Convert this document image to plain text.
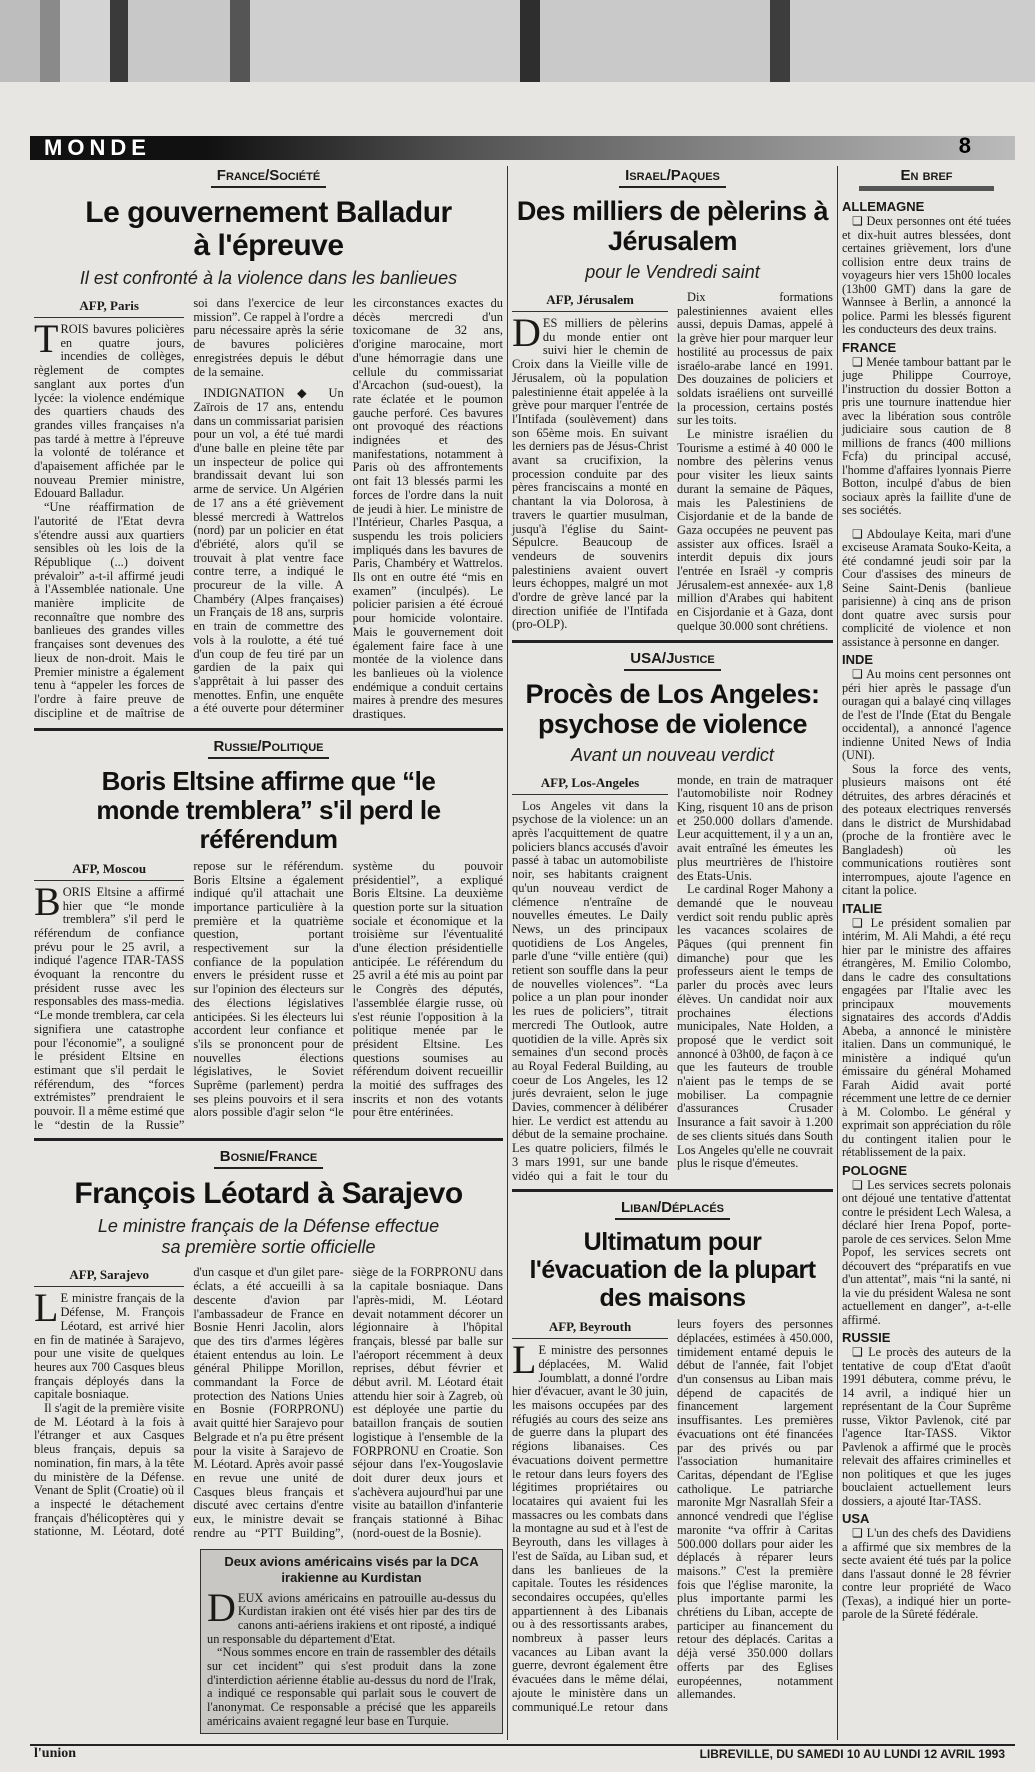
MONDE	8
France/Société
Le gouvernement Balladur à l'épreuve
Il est confronté à la violence dans les banlieues
AFP, Paris

TROIS bavures policières en quatre jours, incendies de collèges, règlement de comptes sanglant aux portes d'un lycée: la violence endémique des quartiers chauds des grandes villes françaises n'a pas tardé à mettre à l'épreuve la volonté de tolérance et d'apaisement affichée par le nouveau Premier ministre, Edouard Balladur.

“Une réaffirmation de l'autorité de l'Etat devra s'étendre aussi aux quartiers sensibles où les lois de la République (...) doivent prévaloir” a-t-il affirmé jeudi à l'Assemblée nationale. Une manière implicite de reconnaître que nombre des banlieues des grandes villes françaises sont devenues des lieux de non-droit. Mais le Premier ministre a également tenu à “appeler les forces de l'ordre à faire preuve de discipline et de maîtrise de soi dans l'exercice de leur mission”. Ce rappel à l'ordre a paru nécessaire après la série de bavures policières enregistrées depuis le début de la semaine.

INDIGNATION ◆ Un Zaïrois de 17 ans, entendu dans un commissariat parisien pour un vol, a été tué mardi d'une balle en pleine tête par un inspecteur de police qui brandissait devant lui son arme de service. Un Algérien de 17 ans a été grièvement blessé mercredi à Wattrelos (nord) par un policier en état d'ébriété, alors qu'il se trouvait à plat ventre face contre terre, a indiqué le procureur de la ville. A Chambéry (Alpes françaises) un Français de 18 ans, surpris en train de commettre des vols à la roulotte, a été tué d'un coup de feu tiré par un gardien de la paix qui s'apprêtait à lui passer des menottes. Enfin, une enquête a été ouverte pour déterminer les circonstances exactes du décès mercredi d'un toxicomane de 32 ans, d'origine marocaine, mort d'une hémorragie dans une cellule du commissariat d'Arcachon (sud-ouest), la rate éclatée et le poumon gauche perforé. Ces bavures ont provoqué des réactions indignées et des manifestations, notamment à Paris où des affrontements ont fait 13 blessés parmi les forces de l'ordre dans la nuit de jeudi à hier. Le ministre de l'Intérieur, Charles Pasqua, a suspendu les trois policiers impliqués dans les bavures de Paris, Chambéry et Wattrelos. Ils ont en outre été “mis en examen” (inculpés). Le policier parisien a été écroué pour homicide volontaire. Mais le gouvernement doit également faire face à une montée de la violence dans les banlieues où la violence endémique a conduit certains maires à prendre des mesures drastiques.

Russie/Politique
Boris Eltsine affirme que “le monde tremblera” s'il perd le référendum
AFP, Moscou

BORIS Eltsine a affirmé hier que “le monde tremblera” s'il perd le référendum de confiance prévu pour le 25 avril, a indiqué l'agence ITAR-TASS évoquant la rencontre du président russe avec les responsables des mass-media. “Le monde tremblera, car cela signifiera une catastrophe pour l'économie”, a souligné le président Eltsine en estimant que s'il perdait le référendum, des “forces extrémistes” prendraient le pouvoir. Il a même estimé que le “destin de la Russie” repose sur le référendum. Boris Eltsine a également indiqué qu'il attachait une importance particulière à la première et la quatrième question, portant respectivement sur la confiance de la population envers le président russe et sur l'opinion des électeurs sur des élections législatives anticipées. Si les électeurs lui accordent leur confiance et s'ils se prononcent pour de nouvelles élections législatives, le Soviet Suprême (parlement) perdra ses pleins pouvoirs et il sera alors possible d'agir selon “le système du pouvoir présidentiel”, a expliqué Boris Eltsine. La deuxième question porte sur la situation sociale et économique et la troisième sur l'éventualité d'une élection présidentielle anticipée. Le référendum du 25 avril a été mis au point par le Congrès des députés, l'assemblée élargie russe, où s'est réunie l'opposition à la politique menée par le président Eltsine. Les questions soumises au référendum doivent recueillir la moitié des suffrages des inscrits et non des votants pour être entérinées.

Bosnie/France
François Léotard à Sarajevo
Le ministre français de la Défense effectue sa première sortie officielle
AFP, Sarajevo

LE ministre français de la Défense, M. François Léotard, est arrivé hier en fin de matinée à Sarajevo, pour une visite de quelques heures aux 700 Casques bleus français déployés dans la capitale bosniaque.

Il s'agit de la première visite de M. Léotard à la fois à l'étranger et aux Casques bleus français, depuis sa nomination, fin mars, à la tête du ministère de la Défense. Venant de Split (Croatie) où il a inspecté le détachement français d'hélicoptères qui y stationne, M. Léotard, doté d'un casque et d'un gilet pare-éclats, a été accueilli à sa descente d'avion par l'ambassadeur de France en Bosnie Henri Jacolin, alors que des tirs d'armes légères étaient entendus au loin. Le général Philippe Morillon, commandant la Force de protection des Nations Unies en Bosnie (FORPRONU) avait quitté hier Sarajevo pour Belgrade et n'a pu être présent pour la visite à Sarajevo de M. Léotard. Après avoir passé en revue une unité de Casques bleus français et discuté avec certains d'entre eux, le ministre devait se rendre au “PTT Building”, siège de la FORPRONU dans la capitale bosniaque. Dans l'après-midi, M. Léotard devait notamment décorer un légionnaire à l'hôpital français, blessé par balle sur l'aéroport récemment à deux reprises, début février et début avril. M. Léotard était attendu hier soir à Zagreb, où est déployée une partie du bataillon français de soutien logistique à l'ensemble de la FORPRONU en Croatie. Son séjour dans l'ex-Yougoslavie doit durer deux jours et s'achèvera aujourd'hui par une visite au bataillon d'infanterie français stationné à Bihac (nord-ouest de la Bosnie).

Deux avions américains visés par la DCA irakienne au Kurdistan

DEUX avions américains en patrouille au-dessus du Kurdistan irakien ont été visés hier par des tirs de canons anti-aériens irakiens et ont riposté, a indiqué un responsable du département d'Etat.

“Nous sommes encore en train de rassembler des détails sur cet incident” qui s'est produit dans la zone d'interdiction aérienne établie au-dessus du nord de l'Irak, a indiqué ce responsable qui parlait sous le couvert de l'anonymat. Ce responsable a précisé que les appareils américains avaient regagné leur base en Turquie.

Israel/Paques
Des milliers de pèlerins à Jérusalem
pour le Vendredi saint
AFP, Jérusalem

DES milliers de pèlerins du monde entier ont suivi hier le chemin de Croix dans la Vieille ville de Jérusalem, où la population palestinienne était appelée à la grève pour marquer l'entrée de l'Intifada (soulèvement) dans son 65ème mois. En suivant les derniers pas de Jésus-Christ avant sa crucifixion, la procession conduite par des pères franciscains a monté en chantant la via Dolorosa, à travers le quartier musulman, jusqu'à l'église du Saint-Sépulcre. Beaucoup de vendeurs de souvenirs palestiniens avaient ouvert leurs échoppes, malgré un mot d'ordre de grève lancé par la direction unifiée de l'Intifada (pro-OLP).

Dix formations palestiniennes avaient elles aussi, depuis Damas, appelé à la grève hier pour marquer leur hostilité au processus de paix israélo-arabe lancé en 1991. Des douzaines de policiers et soldats israéliens ont surveillé la procession, certains postés sur les toits.

Le ministre israélien du Tourisme a estimé à 40 000 le nombre des pèlerins venus pour visiter les lieux saints durant la semaine de Pâques, mais les Palestiniens de Cisjordanie et de la bande de Gaza occupées ne peuvent pas assister aux offices. Israël a interdit depuis dix jours l'entrée en Israël -y compris Jérusalem-est annexée- aux 1,8 million d'Arabes qui habitent en Cisjordanie et à Gaza, dont quelque 30.000 sont chrétiens.

USA/Justice
Procès de Los Angeles: psychose de violence
Avant un nouveau verdict
AFP, Los-Angeles

Los Angeles vit dans la psychose de la violence: un an après l'acquittement de quatre policiers blancs accusés d'avoir passé à tabac un automobiliste noir, ses habitants craignent qu'un nouveau verdict de clémence n'entraîne de nouvelles émeutes. Le Daily News, un des principaux quotidiens de Los Angeles, parle d'une “ville entière (qui) retient son souffle dans la peur de nouvelles violences”. “La police a un plan pour inonder les rues de policiers”, titrait mercredi The Outlook, autre quotidien de la ville. Après six semaines d'un second procès au Royal Federal Building, au coeur de Los Angeles, les 12 jurés devraient, selon le juge Davies, commencer à délibérer hier. Le verdict est attendu au début de la semaine prochaine. Les quatre policiers, filmés le 3 mars 1991, sur une bande vidéo qui a fait le tour du monde, en train de matraquer l'automobiliste noir Rodney King, risquent 10 ans de prison et 250.000 dollars d'amende. Leur acquittement, il y a un an, avait entraîné les émeutes les plus meurtrières de l'histoire des Etats-Unis.

Le cardinal Roger Mahony a demandé que le nouveau verdict soit rendu public après les vacances scolaires de Pâques (qui prennent fin dimanche) pour que les professeurs aient le temps de parler du procès avec leurs élèves. Un candidat noir aux prochaines élections municipales, Nate Holden, a proposé que le verdict soit annoncé à 03h00, de façon à ce que les fauteurs de trouble n'aient pas le temps de se mobiliser. La compagnie d'assurances Crusader Insurance a fait savoir à 1.200 de ses clients situés dans South Los Angeles qu'elle ne couvrait plus le risque d'émeutes.

Liban/Déplacés
Ultimatum pour l'évacuation de la plupart des maisons
AFP, Beyrouth

LE ministre des personnes déplacées, M. Walid Joumblatt, a donné l'ordre hier d'évacuer, avant le 30 juin, les maisons occupées par des réfugiés au cours des seize ans de guerre dans la plupart des régions libanaises. Ces évacuations doivent permettre le retour dans leurs foyers des légitimes propriétaires ou locataires qui avaient fui les massacres ou les combats dans la montagne au sud et à l'est de Beyrouth, dans les villages à l'est de Saïda, au Liban sud, et dans les banlieues de la capitale. Toutes les résidences secondaires occupées, qu'elles appartiennent à des Libanais ou à des ressortissants arabes, nombreux à passer leurs vacances au Liban avant la guerre, devront également être évacuées dans le même délai, ajoute le ministère dans un communiqué.Le retour dans leurs foyers des personnes déplacées, estimées à 450.000, timidement entamé depuis le début de l'année, fait l'objet d'un consensus au Liban mais dépend de capacités de financement largement insuffisantes. Les premières évacuations ont été financées par des privés ou par l'association humanitaire Caritas, dépendant de l'Eglise catholique. Le patriarche maronite Mgr Nasrallah Sfeir a annoncé vendredi que l'église maronite “va offrir à Caritas 500.000 dollars pour aider les déplacés à réparer leurs maisons.” C'est la première fois que l'église maronite, la plus importante parmi les chrétiens du Liban, accepte de participer au financement du retour des déplacés. Caritas a déjà versé 350.000 dollars offerts par des Eglises européennes, notamment allemandes.

En bref
ALLEMAGNE

❑ Deux personnes ont été tuées et dix-huit autres blessées, dont certaines grièvement, lors d'une collision entre deux trains de voyageurs hier vers 15h00 locales (13h00 GMT) dans la gare de Wannsee à Berlin, a annoncé la police. Parmi les blessés figurent les conducteurs des deux trains.

FRANCE

❑ Menée tambour battant par le juge Philippe Courroye, l'instruction du dossier Botton a pris une tournure inattendue hier avec la libération sous contrôle judiciaire sous caution de 8 millions de francs (400 millions Fcfa) du principal accusé, l'homme d'affaires lyonnais Pierre Botton, inculpé d'abus de bien sociaux après la faillite d'une de ses sociétés.

❑ Abdoulaye Keita, mari d'une exciseuse Aramata Souko-Keita, a été condamné jeudi soir par la Cour d'assises des mineurs de Seine Saint-Denis (banlieue parisienne) à cinq ans de prison dont quatre avec sursis pour complicité de violence et non assistance à personne en danger.

INDE

❑ Au moins cent personnes ont péri hier après le passage d'un ouragan qui a balayé cinq villages de l'est de l'Inde (Etat du Bengale occidental), a annoncé l'agence indienne United News of India (UNI).

Sous la force des vents, plusieurs maisons ont été détruites, des arbres déracinés et des poteaux electriques renversés dans le district de Murshidabad (proche de la frontière avec le Bangladesh) où les communications routières sont interrompues, ajoute l'agence en citant la police.

ITALIE

❑ Le président somalien par intérim, M. Ali Mahdi, a été reçu hier par le ministre des affaires étrangères, M. Emilio Colombo, dans le cadre des consultations engagées par l'Italie avec les principaux mouvements signataires des accords d'Addis Abeba, a annoncé le ministère italien. Dans un communiqué, le ministère a indiqué qu'un émissaire du général Mohamed Farah Aidid avait porté récemment une lettre de ce dernier à M. Colombo. Le général y exprimait son appréciation du rôle du contingent italien pour le rétablissement de la paix.

POLOGNE

❑ Les services secrets polonais ont déjoué une tentative d'attentat contre le président Lech Walesa, a déclaré hier Irena Popof, porte-parole de ces services. Selon Mme Popof, les services secrets ont découvert des “préparatifs en vue d'un attentat”, mais “ni la santé, ni la vie du président Walesa ne sont actuellement en danger”, a-t-elle affirmé.

RUSSIE

❑ Le procès des auteurs de la tentative de coup d'Etat d'août 1991 débutera, comme prévu, le 14 avril, a indiqué hier un représentant de la Cour Suprême russe, Viktor Pavlenok, cité par l'agence Itar-TASS. Viktor Pavlenok a affirmé que le procès relevait des affaires criminelles et non politiques et que les juges bouclaient actuellement leurs dossiers, a ajouté Itar-TASS.

USA

❑ L'un des chefs des Davidiens a affirmé que six membres de la secte avaient été tués par la police dans l'assaut donné le 28 février contre leur propriété de Waco (Texas), a indiqué hier un porte-parole de la Sûreté fédérale.

l'union	LIBREVILLE, DU SAMEDI 10 AU LUNDI 12 AVRIL 1993
